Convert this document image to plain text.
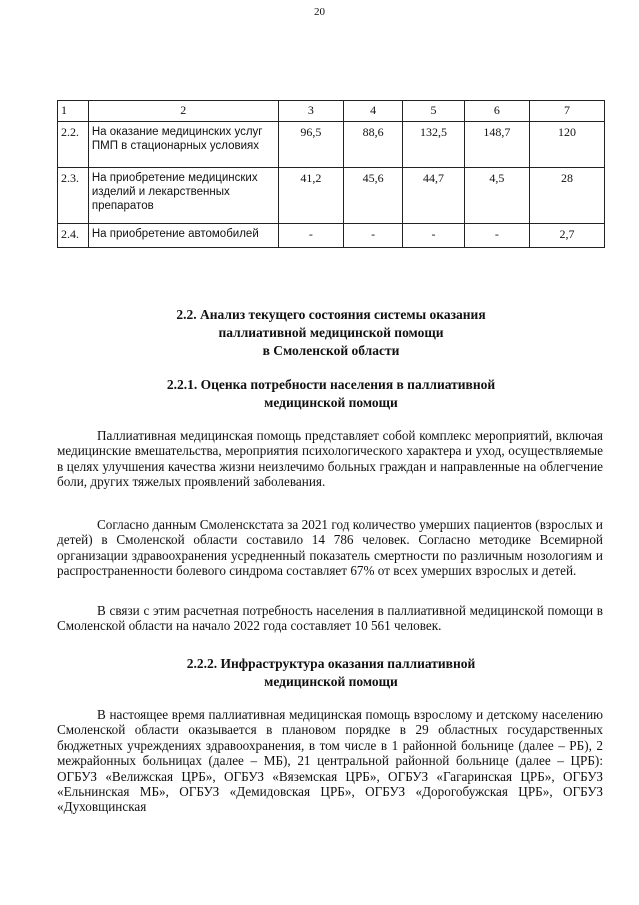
20
1	2	3	4	5	6	7
2.2.	На оказание медицинских услуг ПМП в стационарных условиях	96,5	88,6	132,5	148,7	120
2.3.	На приобретение медицинских изделий и лекарственных препаратов	41,2	45,6	44,7	4,5	28
2.4.	На приобретение автомобилей	-	-	-	-	2,7
2.2. Анализ текущего состояния системы оказания
паллиативной медицинской помощи
в Смоленской области
2.2.1. Оценка потребности населения в паллиативной
медицинской помощи

Паллиативная медицинская помощь представляет собой комплекс мероприятий, включая медицинские вмешательства, мероприятия психологического характера и уход, осуществляемые в целях улучшения качества жизни неизлечимо больных граждан и направленные на облегчение боли, других тяжелых проявлений заболевания.

Согласно данным Смоленскстата за 2021 год количество умерших пациентов (взрослых и детей) в Смоленской области составило 14 786 человек. Согласно методике Всемирной организации здравоохранения усредненный показатель смертности по различным нозологиям и распространенности болевого синдрома составляет 67% от всех умерших взрослых и детей.

В связи с этим расчетная потребность населения в паллиативной медицинской помощи в Смоленской области на начало 2022 года составляет 10 561 человек.

2.2.2. Инфраструктура оказания паллиативной
медицинской помощи

В настоящее время паллиативная медицинская помощь взрослому и детскому населению Смоленской области оказывается в плановом порядке в 29 областных государственных бюджетных учреждениях здравоохранения, в том числе в 1 районной больнице (далее – РБ), 2 межрайонных больницах (далее – МБ), 21 центральной районной больнице (далее – ЦРБ): ОГБУЗ «Велижская ЦРБ», ОГБУЗ «Вяземская ЦРБ», ОГБУЗ «Гагаринская ЦРБ», ОГБУЗ «Ельнинская МБ», ОГБУЗ «Демидовская ЦРБ», ОГБУЗ «Дорогобужская ЦРБ», ОГБУЗ «Духовщинская
